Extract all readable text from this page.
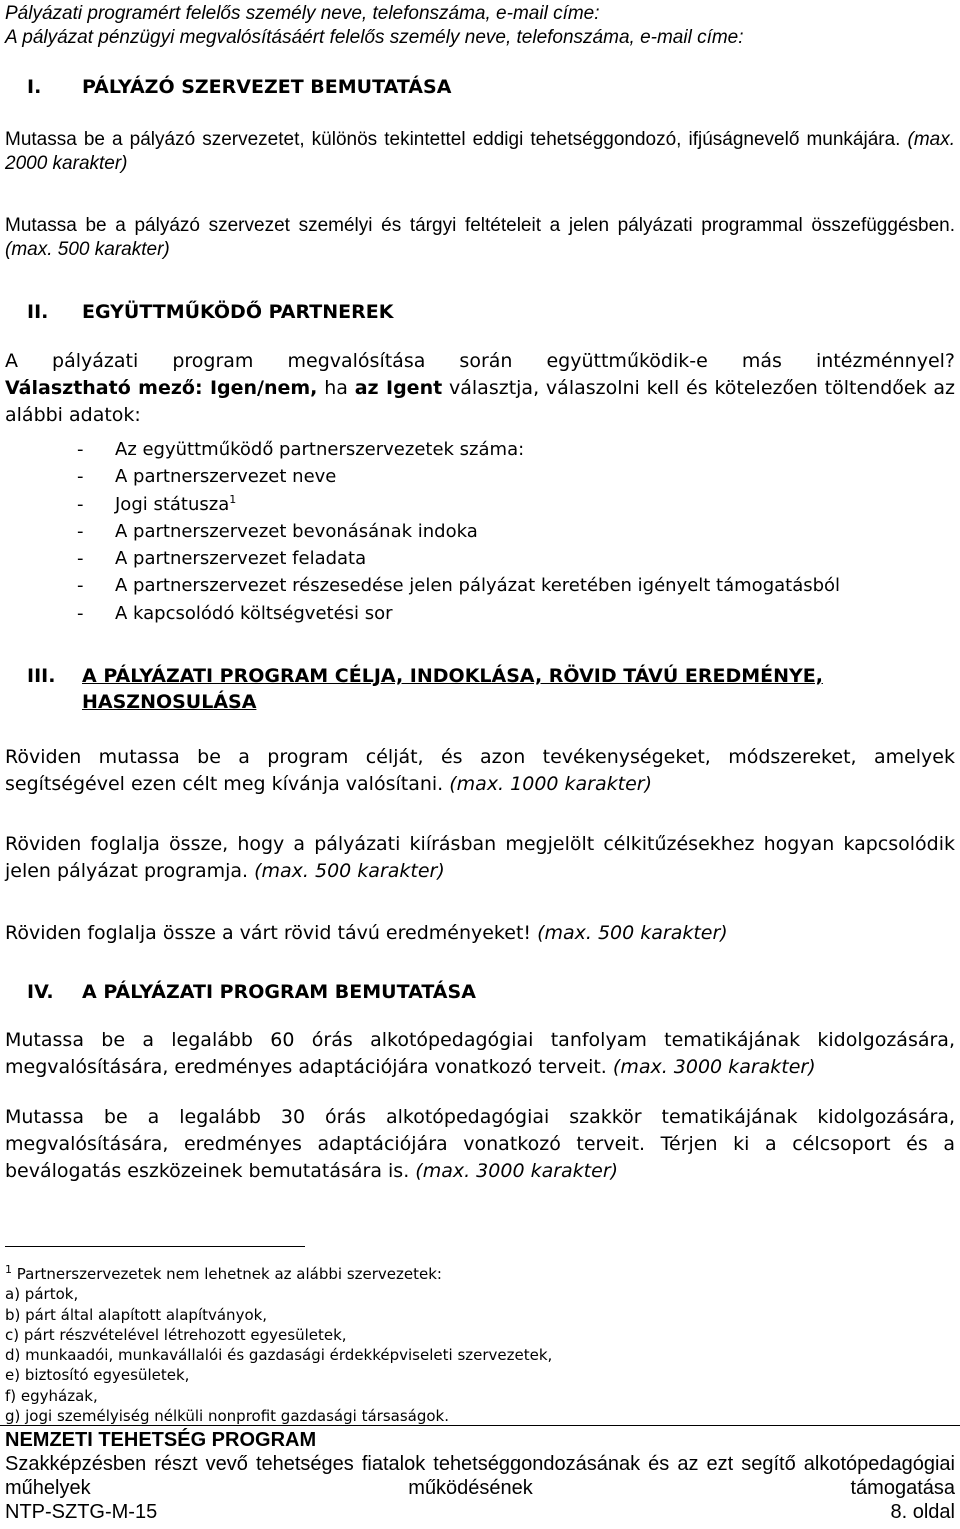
Pályázati programért felelős személy neve, telefonszáma, e-mail címe:
A pályázat pénzügyi megvalósításáért felelős személy neve, telefonszáma, e-mail címe:
I. PÁLYÁZÓ SZERVEZET BEMUTATÁSA

Mutassa be a pályázó szervezetet, különös tekintettel eddigi tehetséggondozó, ifjúságnevelő munkájára. (max. 2000 karakter)

Mutassa be a pályázó szervezet személyi és tárgyi feltételeit a jelen pályázati programmal összefüggésben. (max. 500 karakter)

II. EGYÜTTMŰKÖDŐ PARTNEREK
A pályázati program megvalósítása során együttműködik-e más intézménnyel?
Választható mező: Igen/nem, ha az Igent választja, válaszolni kell és kötelezően töltendőek az alábbi adatok:
- Az együttműködő partnerszervezetek száma:
- A partnerszervezet neve
- Jogi státusza$^1$
- A partnerszervezet bevonásának indoka
- A partnerszervezet feladata
- A partnerszervezet részesedése jelen pályázat keretében igényelt támogatásból
- A kapcsolódó költségvetési sor
III. A PÁLYÁZATI PROGRAM CÉLJA, INDOKLÁSA, RÖVID TÁVÚ EREDMÉNYE,
HASZNOSULÁSA

Röviden mutassa be a program célját, és azon tevékenységeket, módszereket, amelyek segítségével ezen célt meg kívánja valósítani. (max. 1000 karakter)

Röviden foglalja össze, hogy a pályázati kiírásban megjelölt célkitűzésekhez hogyan kapcsolódik jelen pályázat programja. (max. 500 karakter)

Röviden foglalja össze a várt rövid távú eredményeket! (max. 500 karakter)

IV. A PÁLYÁZATI PROGRAM BEMUTATÁSA

Mutassa be a legalább 60 órás alkotópedagógiai tanfolyam tematikájának kidolgozására, megvalósítására, eredményes adaptációjára vonatkozó terveit. (max. 3000 karakter)

Mutassa be a legalább 30 órás alkotópedagógiai szakkör tematikájának kidolgozására, megvalósítására, eredményes adaptációjára vonatkozó terveit. Térjen ki a célcsoport és a beválogatás eszközeinek bemutatására is. (max. 3000 karakter)

$^1$ Partnerszervezetek nem lehetnek az alábbi szervezetek:
a) pártok,
b) párt által alapított alapítványok,
c) párt részvételével létrehozott egyesületek,
d) munkaadói, munkavállalói és gazdasági érdekképviseleti szervezetek,
e) biztosító egyesületek,
f) egyházak,
g) jogi személyiség nélküli nonprofit gazdasági társaságok.
NEMZETI TEHETSÉG PROGRAM
Szakképzésben részt vevő tehetséges fiatalok tehetséggondozásának és az ezt segítő alkotópedagógiai műhelyek működésének támogatása
NTP-SZTG-M-15	8. oldal
